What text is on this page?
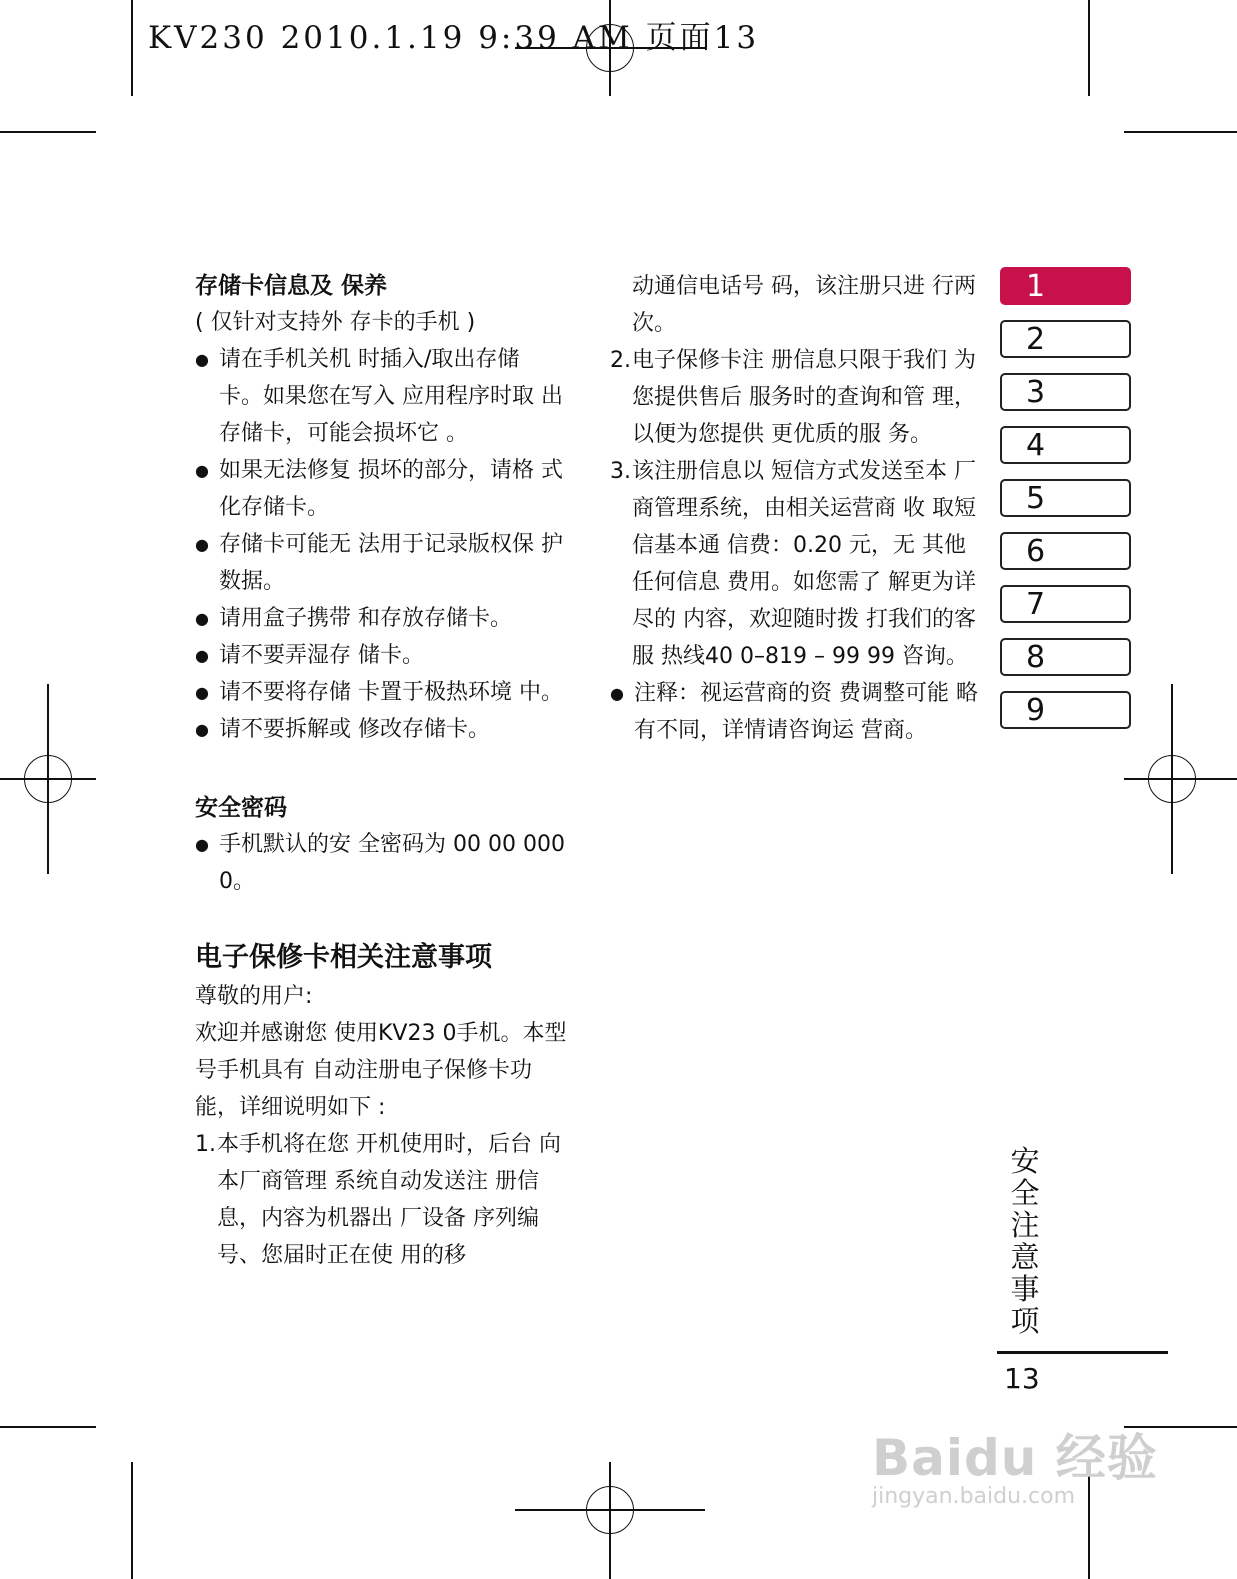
KV230 2010.1.19 9:39 AM 页面13
存储卡信息及 保养
( 仅针对支持外 存卡的手机 )
● 请在手机关机 时插入/取出存储 卡。如果您在写入 应用程序时取 出存储卡，可能会损坏它 。
● 如果无法修复 损坏的部分，请格 式化存储卡。
● 存储卡可能无 法用于记录版权保 护数据。
● 请用盒子携带 和存放存储卡。
● 请不要弄湿存 储卡。
● 请不要将存储 卡置于极热环境 中。
● 请不要拆解或 修改存储卡。
安全密码
● 手机默认的安 全密码为 00 00 000 0。
电子保修卡相关注意事项
尊敬的用户:
欢迎并感谢您 使用KV23 0手机。本型号手机具有 自动注册电子保修卡功能，详细说明如下 :
1. 本手机将在您 开机使用时，后台 向本厂商管理 系统自动发送注 册信息，内容为机器出 厂设备 序列编号、您届时正在使 用的移
动通信电话号 码，该注册只进 行两次。
2. 电子保修卡注 册信息只限于我们 为您提供售后 服务时的查询和管 理，以便为您提供 更优质的服 务。
3. 该注册信息以 短信方式发送至本 厂商管理系统，由相关运营商 收 取短信基本通 信费：0.20 元，无 其他任何信息 费用。如您需了 解更为详尽的 内容，欢迎随时拨 打我们的客服 热线40 0–819 – 99 99 咨询。
● 注释：视运营商的资 费调整可能 略有不同，详情请咨询运 营商。
1
2
3
4
5
6
7
8
9
安全注意事项
13
Baidu 经验
jingyan.baidu.com
